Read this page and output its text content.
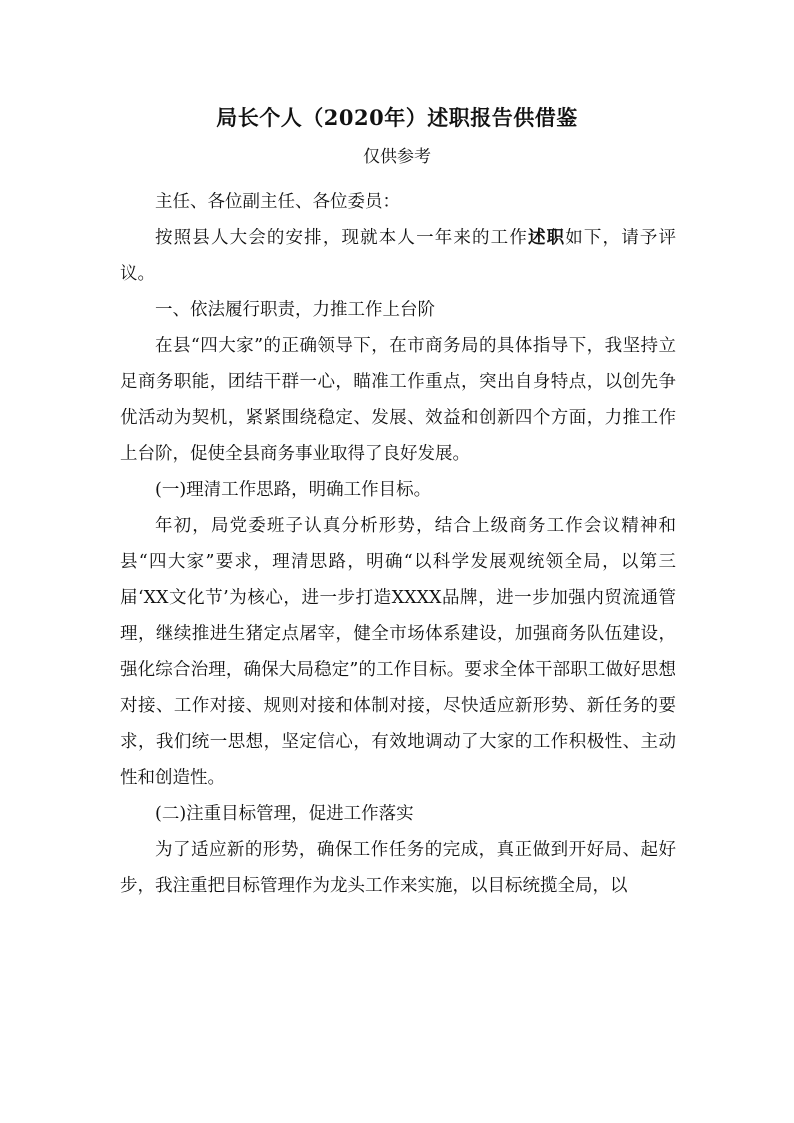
局长个人（2020年）述职报告供借鉴
仅供参考

主任、各位副主任、各位委员：

按照县人大会的安排，现就本人一年来的工作述职如下，请予评议。

一、依法履行职责，力推工作上台阶

在县“四大家”的正确领导下，在市商务局的具体指导下，我坚持立足商务职能，团结干群一心，瞄准工作重点，突出自身特点，以创先争优活动为契机，紧紧围绕稳定、发展、效益和创新四个方面，力推工作上台阶，促使全县商务事业取得了良好发展。

(一)理清工作思路，明确工作目标。

年初，局党委班子认真分析形势，结合上级商务工作会议精神和县“四大家”要求，理清思路，明确“以科学发展观统领全局，以第三届‘XX文化节’为核心，进一步打造XXXX品牌，进一步加强内贸流通管理，继续推进生猪定点屠宰，健全市场体系建设，加强商务队伍建设，强化综合治理，确保大局稳定”的工作目标。要求全体干部职工做好思想对接、工作对接、规则对接和体制对接，尽快适应新形势、新任务的要求，我们统一思想，坚定信心，有效地调动了大家的工作积极性、主动性和创造性。

(二)注重目标管理，促进工作落实

为了适应新的形势，确保工作任务的完成，真正做到开好局、起好步，我注重把目标管理作为龙头工作来实施，以目标统揽全局，以
